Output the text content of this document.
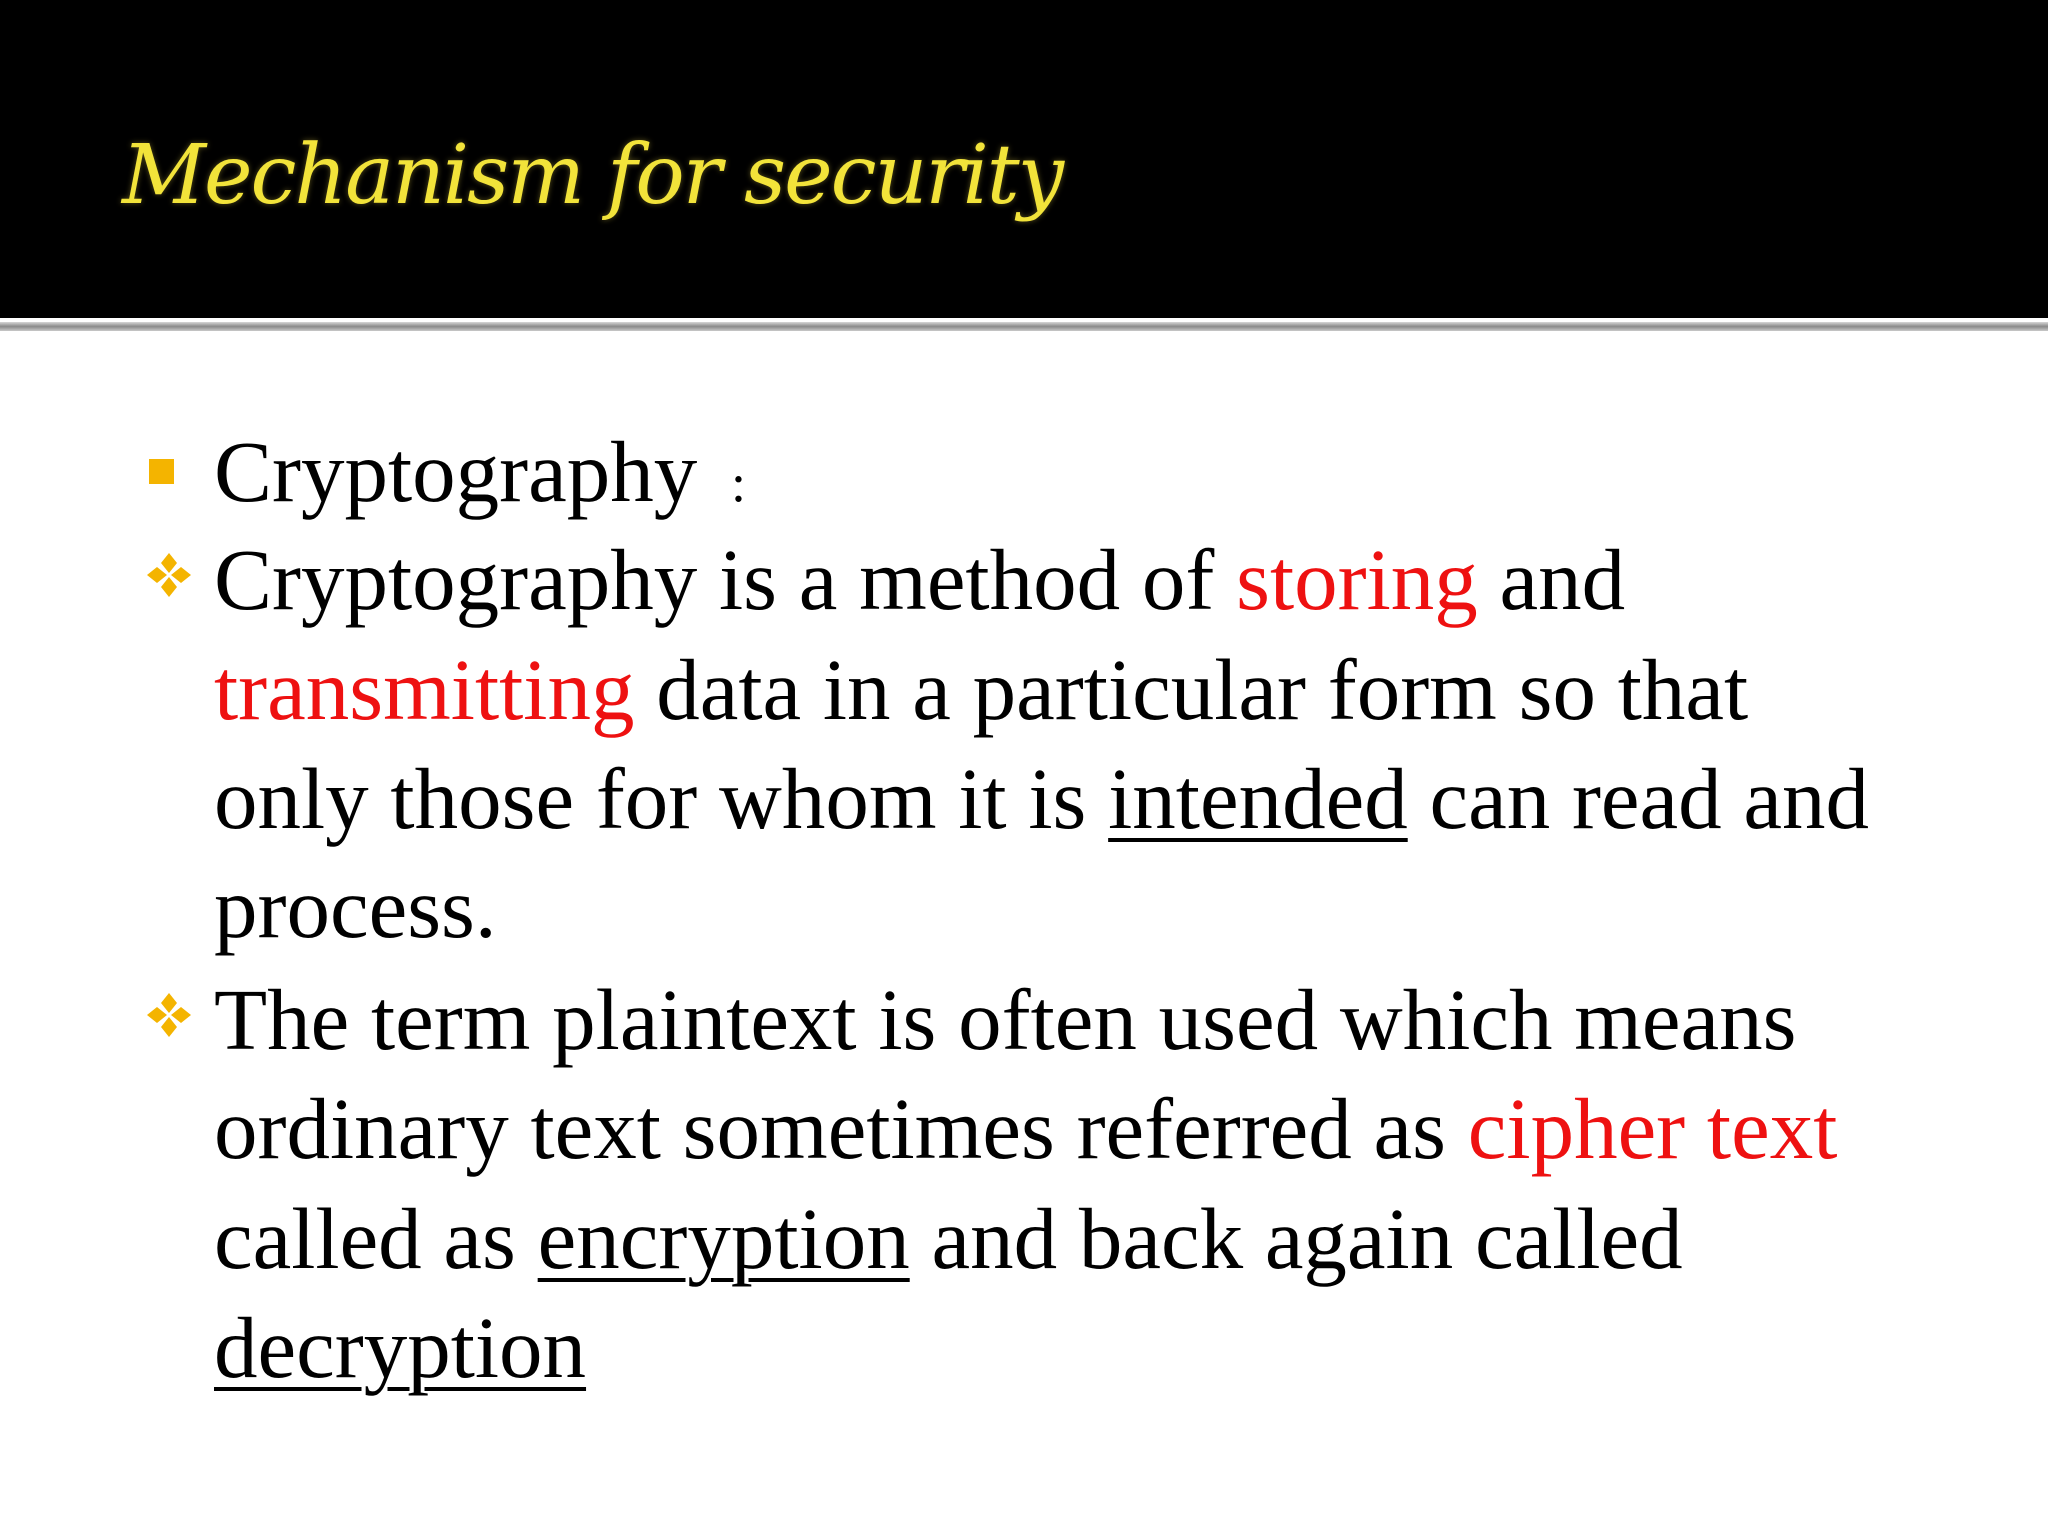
Mechanism for security
Cryptography :
Cryptography is a method of storing and
transmitting data in a particular form so that
only those for whom it is intended can read and
process.
The term plaintext is often used which means
ordinary text sometimes referred as cipher text
called as encryption and back again called
decryption
